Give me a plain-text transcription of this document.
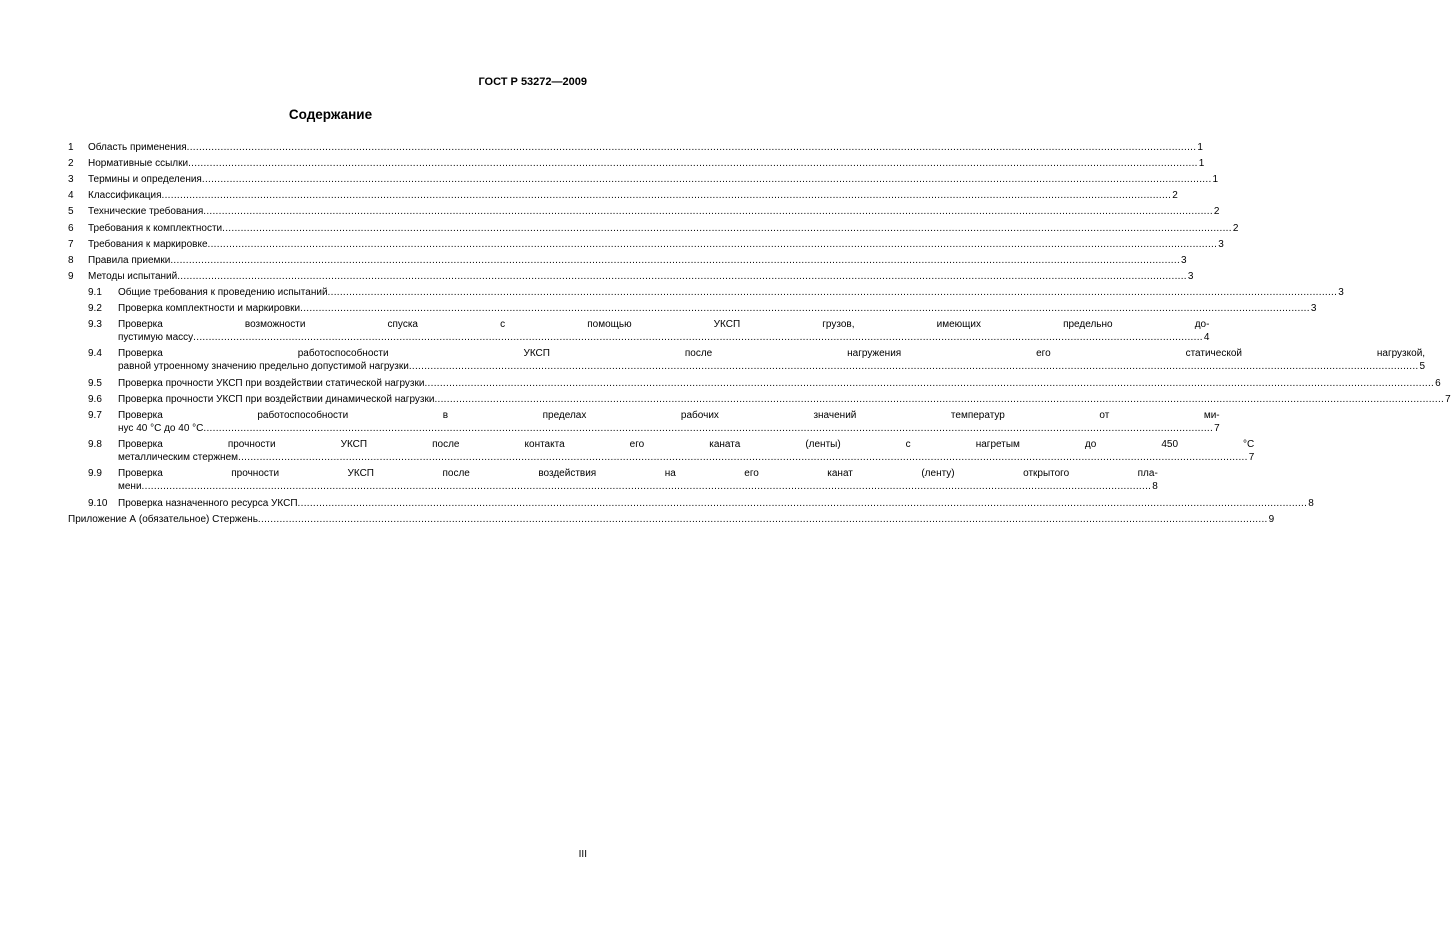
ГОСТ Р 53272—2009
Содержание
1	Область применения .....	1
2	Нормативные ссылки .....	1
3	Термины и определения .....	1
4	Классификация .....	2
5	Технические требования .....	2
6	Требования к комплектности .....	2
7	Требования к маркировке .....	3
8	Правила приемки .....	3
9	Методы испытаний .....	3
9.1	Общие требования к проведению испытаний .....	3
9.2	Проверка комплектности и маркировки .....	3
9.3	Проверка возможности спуска с помощью УКСП грузов, имеющих предельно до-
пустимую массу .....	4
9.4	Проверка работоспособности УКСП после нагружения его статической нагрузкой,
равной утроенному значению предельно допустимой нагрузки .....	5
9.5	Проверка прочности УКСП при воздействии статической нагрузки .....	6
9.6	Проверка прочности УКСП при воздействии динамической нагрузки .....	7
9.7	Проверка работоспособности в пределах рабочих значений температур от ми-
нус 40 °С до 40 °С .....	7
9.8	Проверка прочности УКСП после контакта его каната (ленты) с нагретым до 450 °С
металлическим стержнем .....	7
9.9	Проверка прочности УКСП после воздействия на его канат (ленту) открытого пла-
мени .....	8
9.10	Проверка назначенного ресурса УКСП .....	8
Приложение А (обязательное) Стержень .....	9
III
